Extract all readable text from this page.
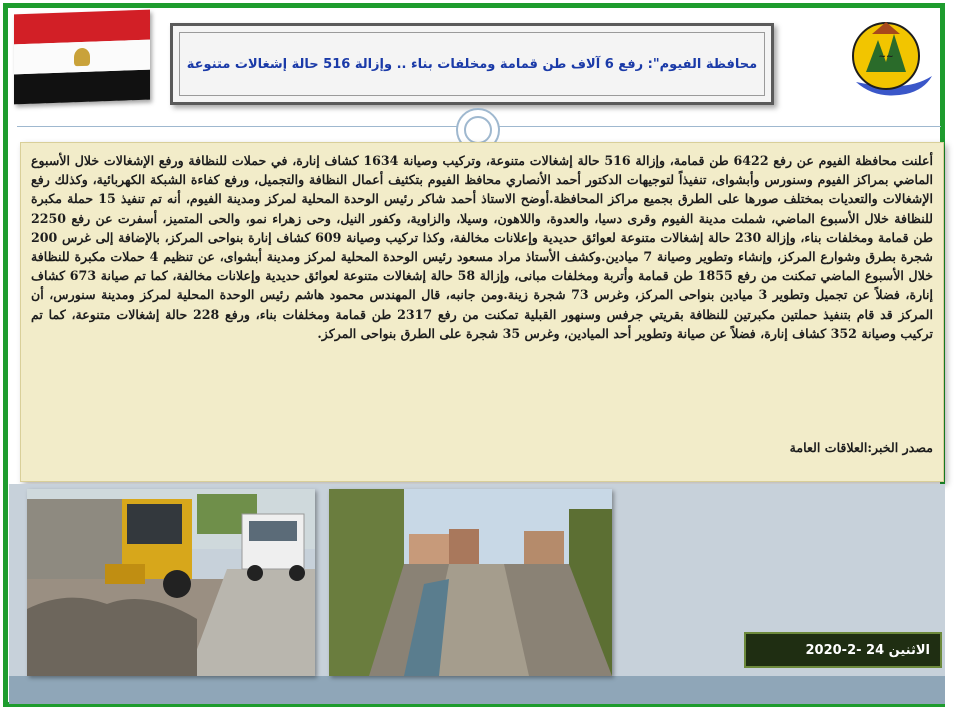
محافظة الفيوم": رفع 6 آلاف طن قمامة ومخلفات بناء .. وإزالة 516 حالة إشغالات متنوعة	~~
أعلنت محافظة الفيوم عن رفع 6422 طن قمامة، وإزالة 516 حالة إشغالات متنوعة، وتركيب وصيانة 1634 كشاف إنارة، في حملات للنظافة ورفع الإشغالات خلال الأسبوع الماضي بمراكز الفيوم وسنورس وأبشواى، تنفيذاً لتوجيهات الدكتور أحمد الأنصاري محافظ الفيوم بتكثيف أعمال النظافة والتجميل، ورفع كفاءة الشبكة الكهربائية، وكذلك رفع الإشغالات والتعديات بمختلف صورها على الطرق بجميع مراكز المحافظة.أوضح الاستاذ أحمد شاكر رئيس الوحدة المحلية لمركز ومدينة الفيوم، أنه تم تنفيذ 15 حملة مكبرة للنظافة خلال الأسبوع الماضي، شملت مدينة الفيوم وقرى دسيا، والعدوة، واللاهون، وسيلا، والزاوية، وكفور النيل، وحى زهراء نمو، والحى المتميز، أسفرت عن رفع 2250 طن قمامة ومخلفات بناء، وإزالة 230 حالة إشغالات متنوعة لعوائق حديدية وإعلانات مخالفة، وكذا تركيب وصيانة 609 كشاف إنارة بنواحى المركز، بالإضافة إلى غرس 200 شجرة بطرق وشوارع المركز، وإنشاء وتطوير وصيانة 7 ميادين.وكشف الأستاذ مراد مسعود رئيس الوحدة المحلية لمركز ومدينة أبشواى، عن تنظيم 4 حملات مكبرة للنظافة خلال الأسبوع الماضي تمكنت من رفع 1855 طن قمامة وأتربة ومخلفات مبانى، وإزالة 58 حالة إشغالات متنوعة لعوائق حديدية وإعلانات مخالفة، كما تم صيانة 673 كشاف إنارة، فضلاً عن تجميل وتطوير 3 ميادين بنواحى المركز، وغرس 73 شجرة زينة.ومن جانبه، قال المهندس محمود هاشم رئيس الوحدة المحلية لمركز ومدينة سنورس، أن المركز قد قام بتنفيذ حملتين مكبرتين للنظافة بقريتي جرفس وسنهور القبلية تمكنت من رفع 2317 طن قمامة ومخلفات بناء، ورفع 228 حالة إشغالات متنوعة، كما تم تركيب وصيانة 352 كشاف إنارة، فضلاً عن صيانة وتطوير أحد الميادين، وغرس 35 شجرة على الطرق بنواحى المركز.
مصدر الخبر:العلاقات العامة
الاثنين 24 -2-2020
